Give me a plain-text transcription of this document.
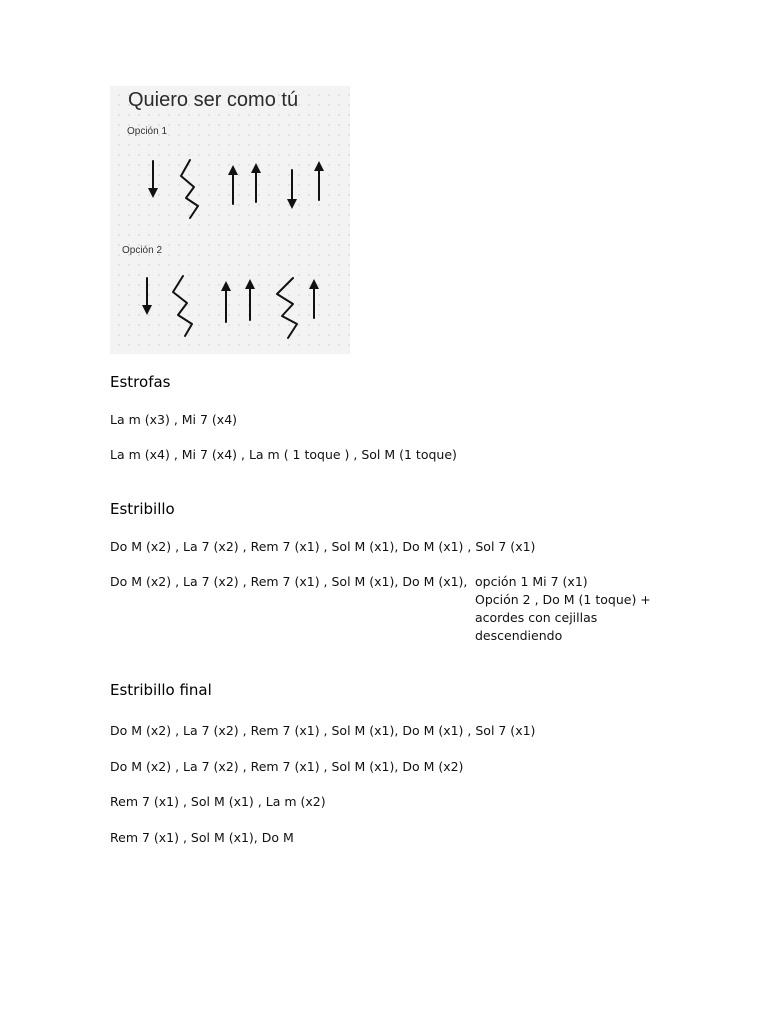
Quiero ser como tú
Opción 1
Opción 2
Estrofas

La m (x3) , Mi 7 (x4)

La m (x4) , Mi 7 (x4) , La m ( 1 toque ) , Sol M (1 toque)

Estribillo

Do M (x2) , La 7 (x2) , Rem 7 (x1) , Sol M (x1), Do M (x1) , Sol 7 (x1)

Do M (x2) , La 7 (x2) , Rem 7 (x1) , Sol M (x1), Do M (x1), opción 1 Mi 7 (x1)
Opción 2 , Do M (1 toque) +
acordes con cejillas
descendiendo
Estribillo final

Do M (x2) , La 7 (x2) , Rem 7 (x1) , Sol M (x1), Do M (x1) , Sol 7 (x1)

Do M (x2) , La 7 (x2) , Rem 7 (x1) , Sol M (x1), Do M (x2)

Rem 7 (x1) , Sol M (x1) , La m (x2)

Rem 7 (x1) , Sol M (x1), Do M
